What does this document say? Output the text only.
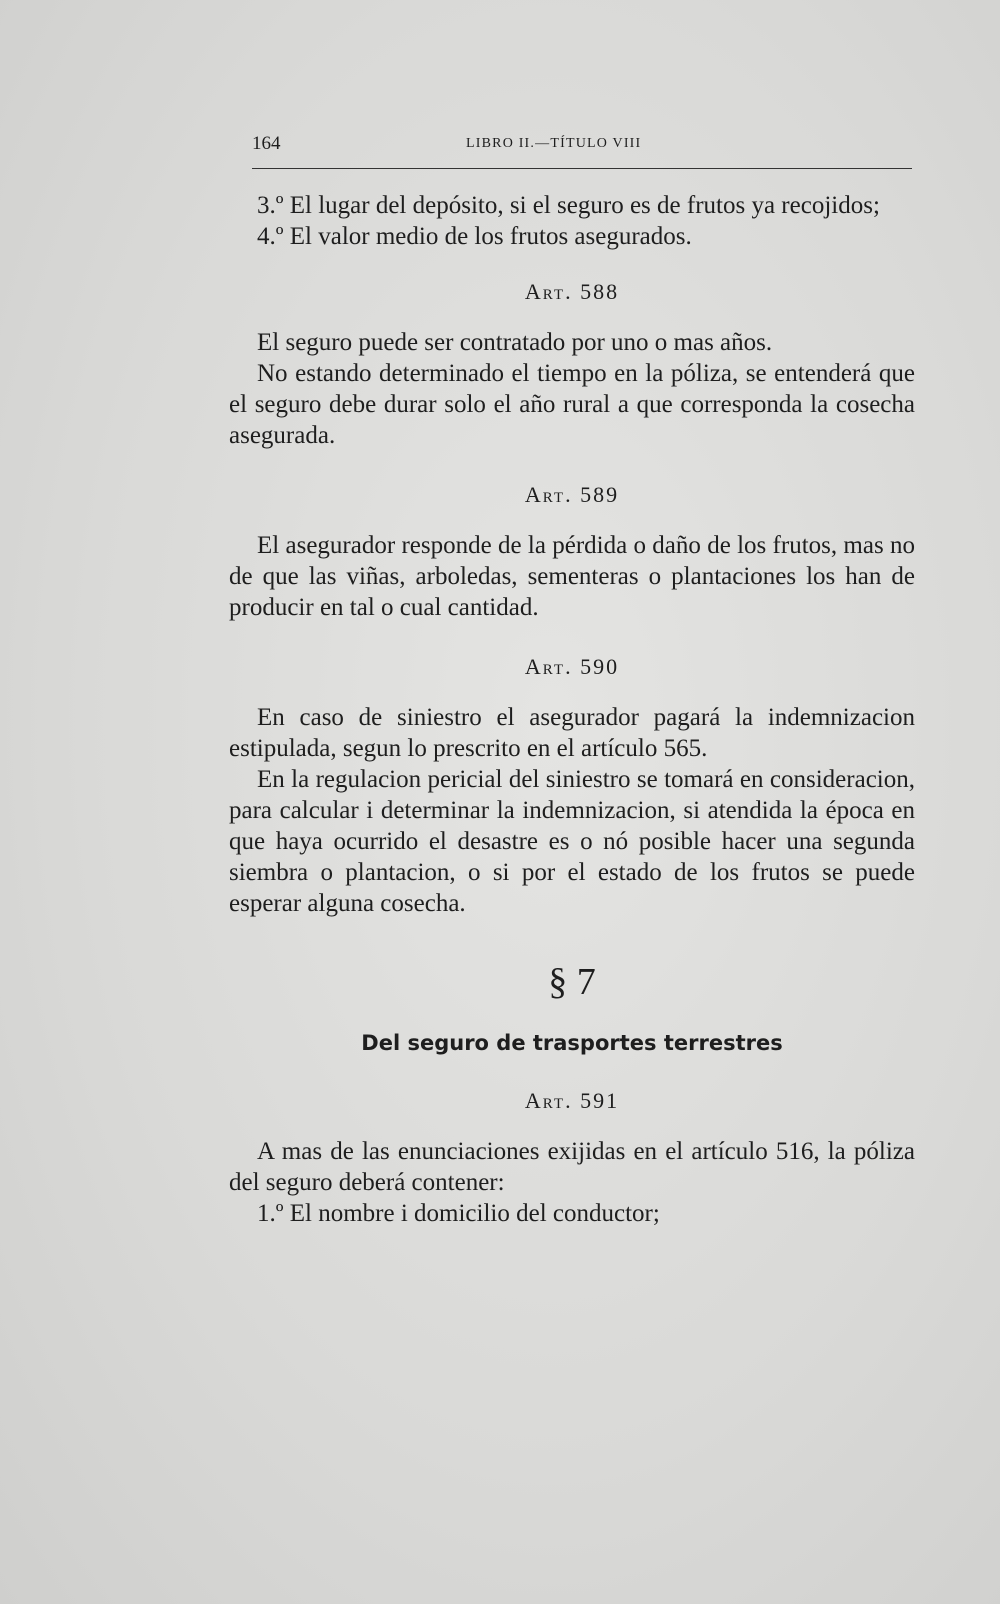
164	LIBRO II.—TÍTULO VIII

3.º El lugar del depósito, si el seguro es de frutos ya recojidos;

4.º El valor medio de los frutos asegurados.

Art. 588

El seguro puede ser contratado por uno o mas años.

No estando determinado el tiempo en la póliza, se entenderá que el seguro debe durar solo el año rural a que corresponda la cosecha asegurada.

Art. 589

El asegurador responde de la pérdida o daño de los frutos, mas no de que las viñas, arboledas, sementeras o plantaciones los han de producir en tal o cual cantidad.

Art. 590

En caso de siniestro el asegurador pagará la indemnizacion estipulada, segun lo prescrito en el artículo 565.

En la regulacion pericial del siniestro se tomará en consideracion, para calcular i determinar la indemnizacion, si atendida la época en que haya ocurrido el desastre es o nó posible hacer una segunda siembra o plantacion, o si por el estado de los frutos se puede esperar alguna cosecha.

§ 7
Del seguro de trasportes terrestres
Art. 591

A mas de las enunciaciones exijidas en el artículo 516, la póliza del seguro deberá contener:

1.º El nombre i domicilio del conductor;
